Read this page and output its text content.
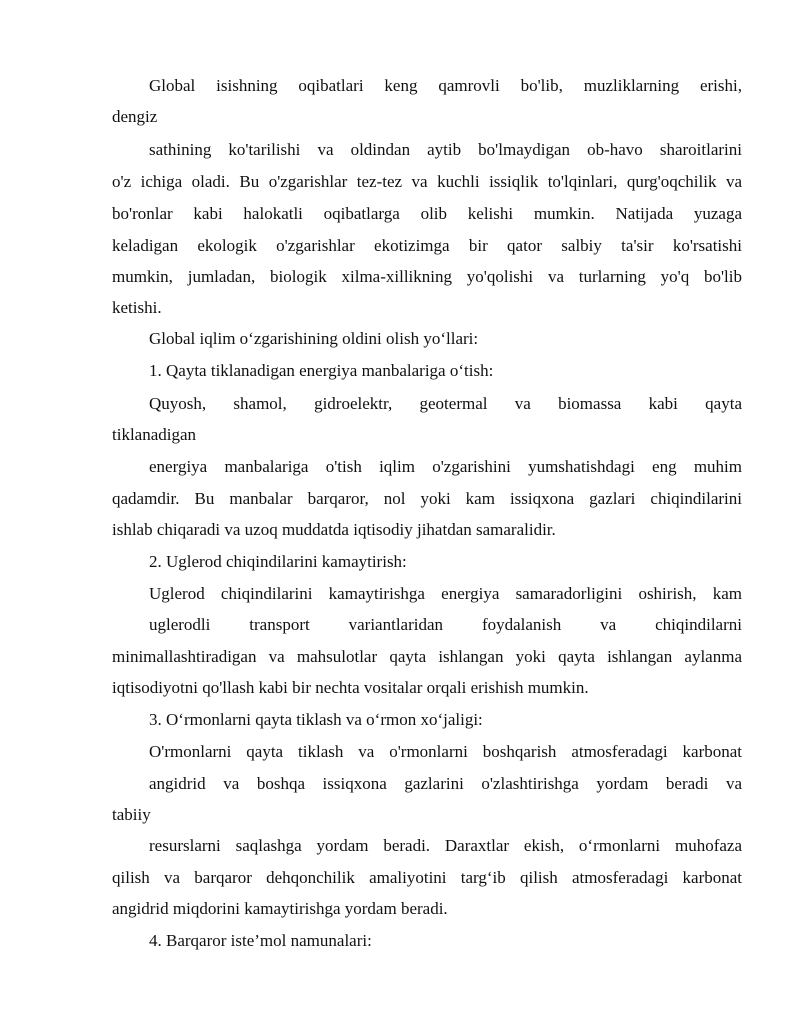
Global isishning oqibatlari keng qamrovli bo'lib, muzliklarning erishi,
dengiz
sathining ko'tarilishi va oldindan aytib bo'lmaydigan ob-havo sharoitlarini
o'z ichiga oladi. Bu o'zgarishlar tez-tez va kuchli issiqlik to'lqinlari, qurg'oqchilik va
bo'ronlar kabi halokatli oqibatlarga olib kelishi mumkin. Natijada yuzaga
keladigan ekologik o'zgarishlar ekotizimga bir qator salbiy ta'sir ko'rsatishi
mumkin, jumladan, biologik xilma-xillikning yo'qolishi va turlarning yo'q bo'lib
ketishi.
Global iqlim o‘zgarishining oldini olish yo‘llari:
1. Qayta tiklanadigan energiya manbalariga o‘tish:
Quyosh, shamol, gidroelektr, geotermal va biomassa kabi qayta
tiklanadigan
energiya manbalariga o'tish iqlim o'zgarishini yumshatishdagi eng muhim
qadamdir. Bu manbalar barqaror, nol yoki kam issiqxona gazlari chiqindilarini
ishlab chiqaradi va uzoq muddatda iqtisodiy jihatdan samaralidir.
2. Uglerod chiqindilarini kamaytirish:
Uglerod chiqindilarini kamaytirishga energiya samaradorligini oshirish, kam
uglerodli transport variantlaridan foydalanish va chiqindilarni
minimallashtiradigan va mahsulotlar qayta ishlangan yoki qayta ishlangan aylanma
iqtisodiyotni qo'llash kabi bir nechta vositalar orqali erishish mumkin.
3. O‘rmonlarni qayta tiklash va o‘rmon xo‘jaligi:
O'rmonlarni qayta tiklash va o'rmonlarni boshqarish atmosferadagi karbonat
angidrid va boshqa issiqxona gazlarini o'zlashtirishga yordam beradi va
tabiiy
resurslarni saqlashga yordam beradi. Daraxtlar ekish, o‘rmonlarni muhofaza
qilish va barqaror dehqonchilik amaliyotini targ‘ib qilish atmosferadagi karbonat
angidrid miqdorini kamaytirishga yordam beradi.
4. Barqaror iste’mol namunalari:
